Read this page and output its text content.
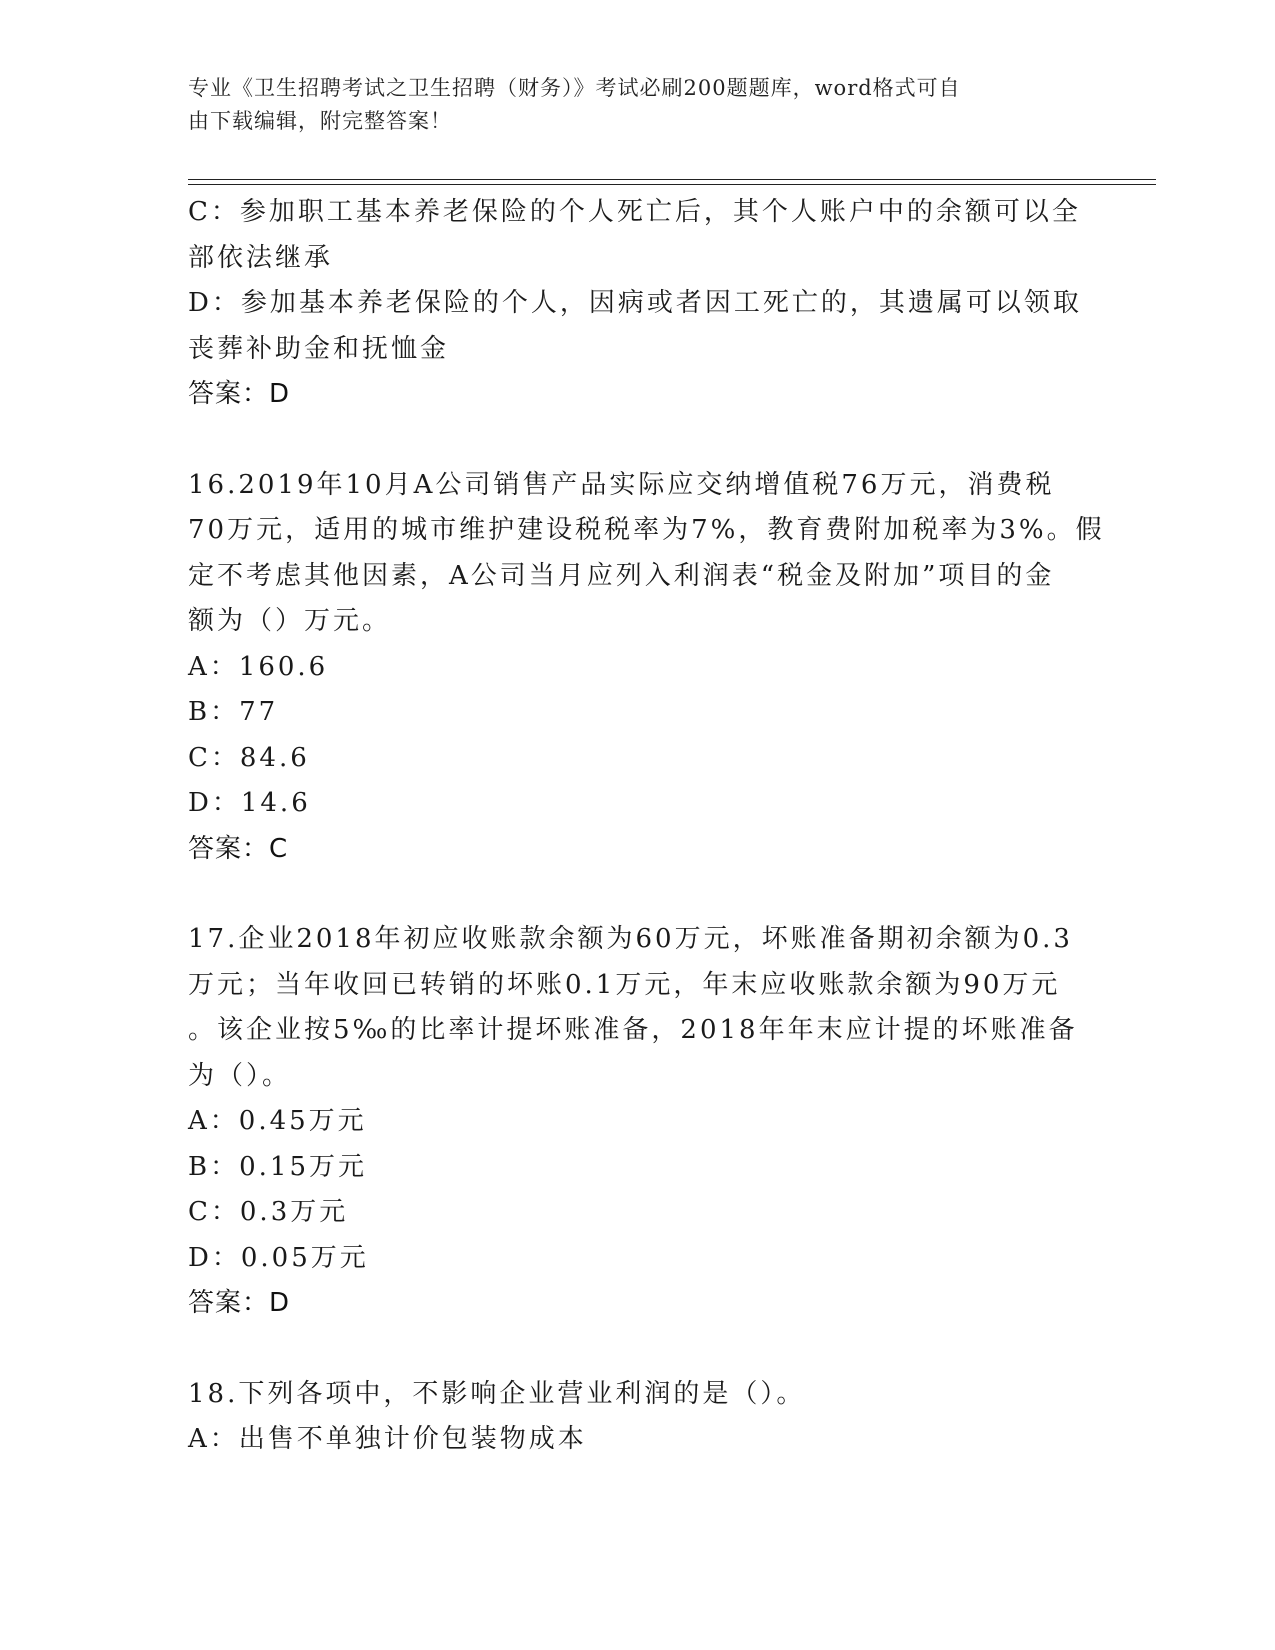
专业《卫生招聘考试之卫生招聘（财务）》考试必刷200题题库，word格式可自
由下载编辑，附完整答案！
C：参加职工基本养老保险的个人死亡后，其个人账户中的余额可以全
部依法继承
D：参加基本养老保险的个人，因病或者因工死亡的，其遗属可以领取
丧葬补助金和抚恤金
答案：D
16.2019年10月A公司销售产品实际应交纳增值税76万元，消费税
70万元，适用的城市维护建设税税率为7%，教育费附加税率为3%。假
定不考虑其他因素，A公司当月应列入利润表“税金及附加”项目的金
额为（）万元。
A：160.6
B：77
C：84.6
D：14.6
答案：C
17.企业2018年初应收账款余额为60万元，坏账准备期初余额为0.3
万元；当年收回已转销的坏账0.1万元，年末应收账款余额为90万元
。该企业按5‰的比率计提坏账准备，2018年年末应计提的坏账准备
为（）。
A：0.45万元
B：0.15万元
C：0.3万元
D：0.05万元
答案：D
18.下列各项中，不影响企业营业利润的是（）。
A：出售不单独计价包装物成本
